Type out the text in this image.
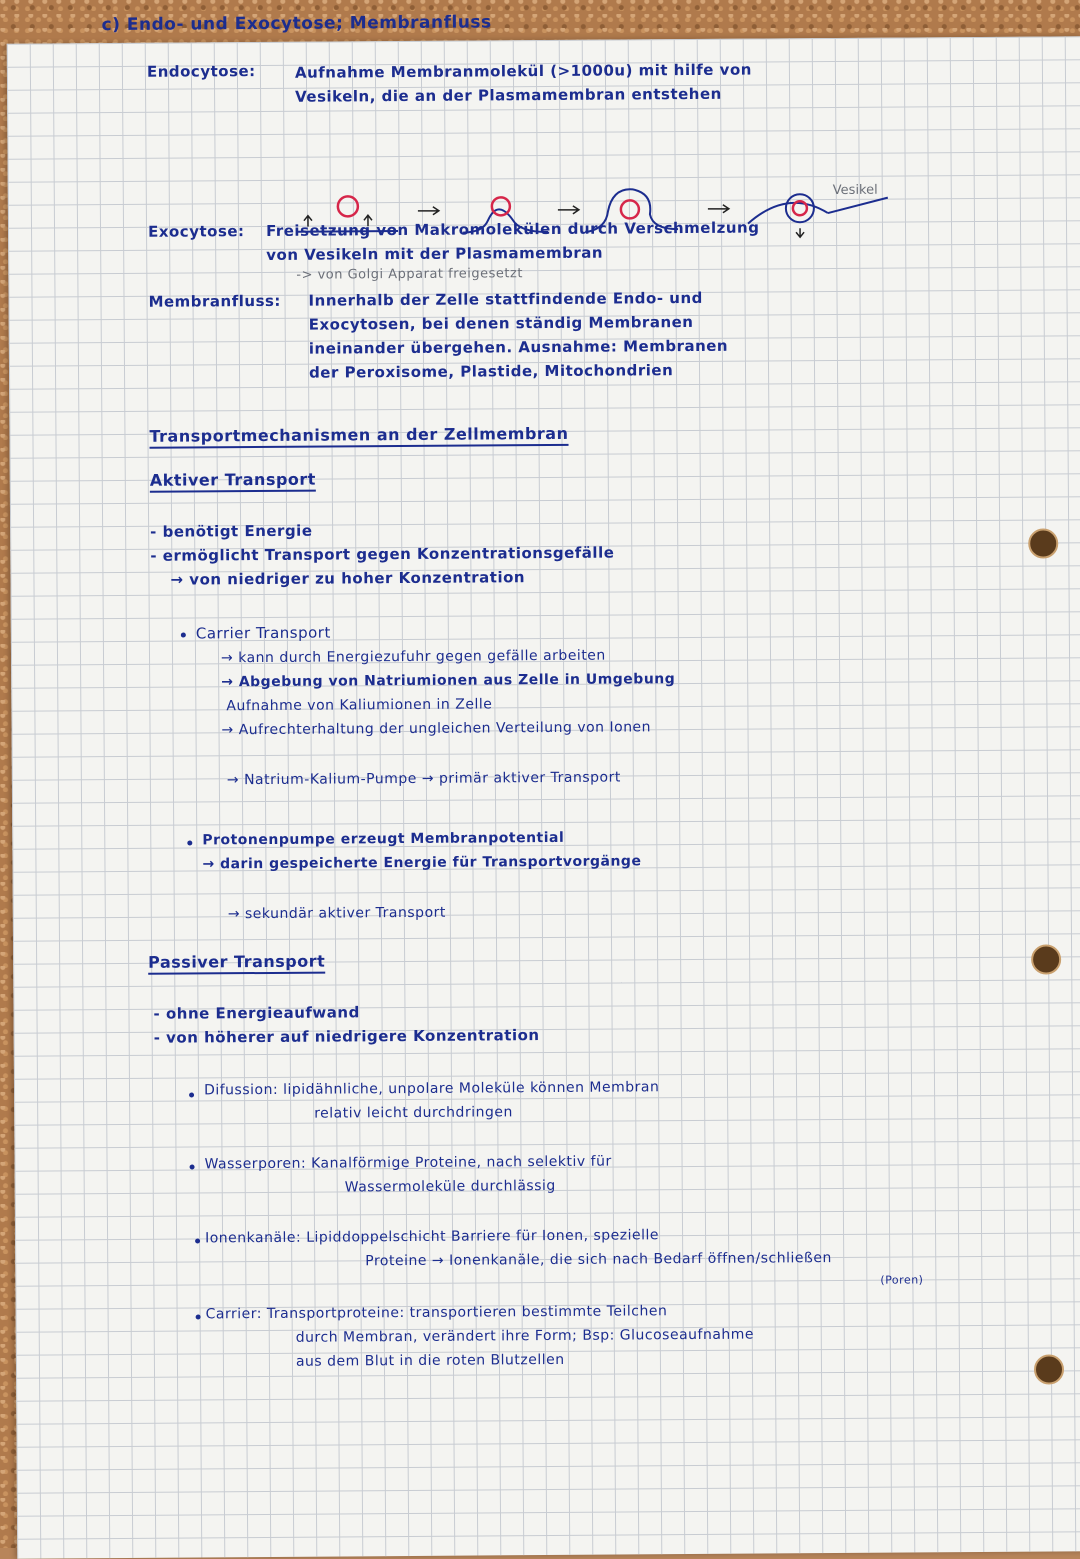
c) Endo- und Exocytose; Membranfluss
Endocytose:	Aufnahme Membranmolekül (>1000u) mit hilfe von
Vesikeln, die an der Plasmamembran entstehen
Vesikel
Exocytose: Freisetzung von Makromolekülen durch Verschmelzung
von Vesikeln mit der Plasmamembran
-> von Golgi Apparat freigesetzt
Membranfluss: Innerhalb der Zelle stattfindende Endo- und
Exocytosen, bei denen ständig Membranen
ineinander übergehen. Ausnahme: Membranen
der Peroxisome, Plastide, Mitochondrien
Transportmechanismen an der Zellmembran
Aktiver Transport
- benötigt Energie
- ermöglicht Transport gegen Konzentrationsgefälle
→ von niedriger zu hoher Konzentration
Carrier Transport
→ kann durch Energiezufuhr gegen gefälle arbeiten
→ Abgebung von Natriumionen aus Zelle in Umgebung
Aufnahme von Kaliumionen in Zelle
→ Aufrechterhaltung der ungleichen Verteilung von Ionen
→ Natrium-Kalium-Pumpe → primär aktiver Transport
Protonenpumpe erzeugt Membranpotential
→ darin gespeicherte Energie für Transportvorgänge
→ sekundär aktiver Transport
Passiver Transport
- ohne Energieaufwand
- von höherer auf niedrigere Konzentration
Difussion: lipidähnliche, unpolare Moleküle können Membran
relativ leicht durchdringen
Wasserporen: Kanalförmige Proteine, nach selektiv für
Wassermoleküle durchlässig
Ionenkanäle: Lipiddoppelschicht Barriere für Ionen, spezielle
Proteine → Ionenkanäle, die sich nach Bedarf öffnen/schließen
(Poren)
Carrier: Transportproteine: transportieren bestimmte Teilchen
durch Membran, verändert ihre Form; Bsp: Glucoseaufnahme
aus dem Blut in die roten Blutzellen
